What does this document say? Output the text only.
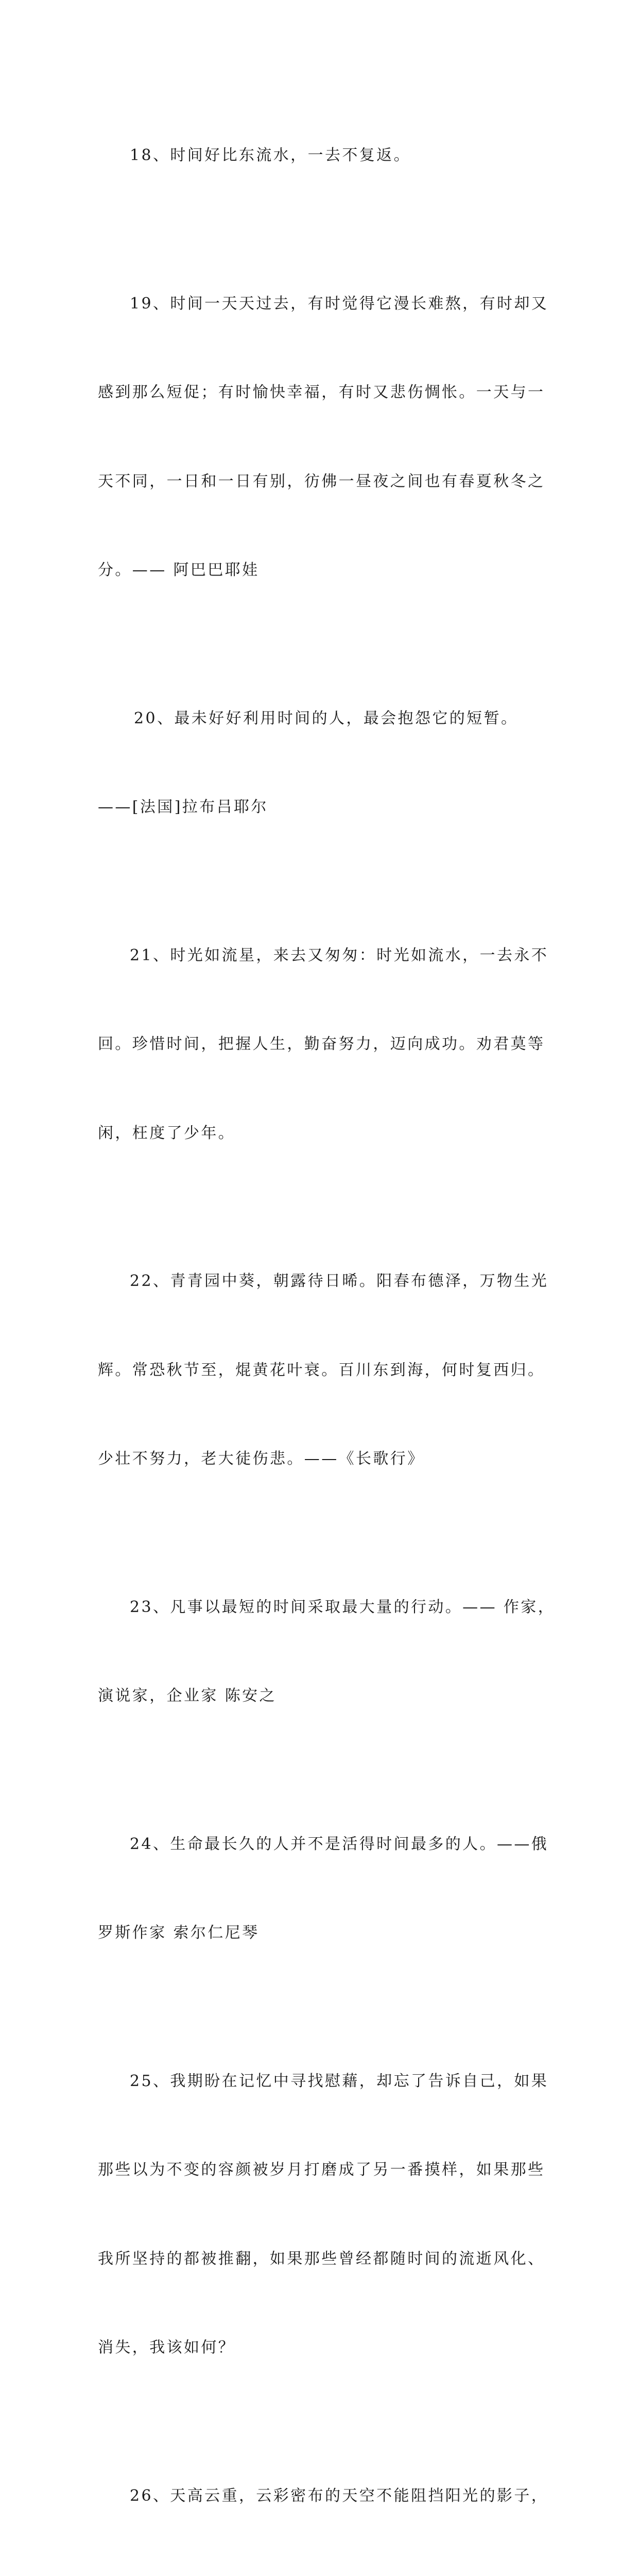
18、时间好比东流水，一去不复返。

19、时间一天天过去，有时觉得它漫长难熬，有时却又

感到那么短促；有时愉快幸福，有时又悲伤惆怅。一天与一

天不同，一日和一日有别，彷佛一昼夜之间也有春夏秋冬之

分。—— 阿巴巴耶娃

20、最未好好利用时间的人，最会抱怨它的短暂。

——[法国]拉布吕耶尔

21、时光如流星，来去又匆匆：时光如流水，一去永不

回。珍惜时间，把握人生，勤奋努力，迈向成功。劝君莫等

闲，枉度了少年。

22、青青园中葵，朝露待日晞。阳春布德泽，万物生光

辉。常恐秋节至，焜黄花叶衰。百川东到海，何时复西归。

少壮不努力，老大徒伤悲。——《长歌行》

23、凡事以最短的时间采取最大量的行动。—— 作家，

演说家，企业家 陈安之

24、生命最长久的人并不是活得时间最多的人。——俄

罗斯作家 索尔仁尼琴

25、我期盼在记忆中寻找慰藉，却忘了告诉自己，如果

那些以为不变的容颜被岁月打磨成了另一番摸样，如果那些

我所坚持的都被推翻，如果那些曾经都随时间的流逝风化、

消失，我该如何？

26、天高云重，云彩密布的天空不能阻挡阳光的影子，
